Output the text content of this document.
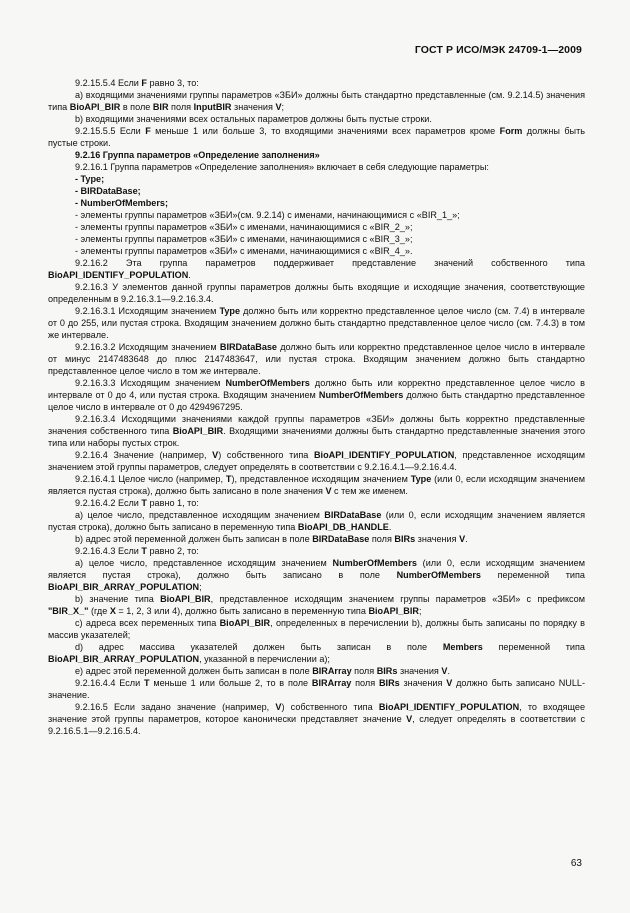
ГОСТ Р ИСО/МЭК 24709-1—2009

9.2.15.5.4 Если F равно 3, то:

a) входящими значениями группы параметров «ЗБИ» должны быть стандартно представленные (см. 9.2.14.5) значения типа BioAPI_BIR в поле BIR поля InputBIR значения V;

b) входящими значениями всех остальных параметров должны быть пустые строки.

9.2.15.5.5 Если F меньше 1 или больше 3, то входящими значениями всех параметров кроме Form должны быть пустые строки.

9.2.16 Группа параметров «Определение заполнения»

9.2.16.1 Группа параметров «Определение заполнения» включает в себя следующие параметры:

- Type;

- BIRDataBase;

- NumberOfMembers;

- элементы группы параметров «ЗБИ»(см. 9.2.14) с именами, начинающимися с «BIR_1_»;

- элементы группы параметров «ЗБИ» с именами, начинающимися с «BIR_2_»;

- элементы группы параметров «ЗБИ» с именами, начинающимися с «BIR_3_»;

- элементы группы параметров «ЗБИ» с именами, начинающимися с «BIR_4_».

9.2.16.2 Эта группа параметров поддерживает представление значений собственного типа BioAPI_IDENTIFY_POPULATION.

9.2.16.3 У элементов данной группы параметров должны быть входящие и исходящие значения, соответствующие определенным в 9.2.16.3.1—9.2.16.3.4.

9.2.16.3.1 Исходящим значением Type должно быть или корректно представленное целое число (см. 7.4) в интервале от 0 до 255, или пустая строка. Входящим значением должно быть стандартно представленное целое число (см. 7.4.3) в том же интервале.

9.2.16.3.2 Исходящим значением BIRDataBase должно быть или корректно представленное целое число в интервале от минус 2147483648 до плюс 2147483647, или пустая строка. Входящим значением должно быть стандартно представленное целое число в том же интервале.

9.2.16.3.3 Исходящим значением NumberOfMembers должно быть или корректно представленное целое число в интервале от 0 до 4, или пустая строка. Входящим значением NumberOfMembers должно быть стандартно представленное целое число в интервале от 0 до 4294967295.

9.2.16.3.4 Исходящими значениями каждой группы параметров «ЗБИ» должны быть корректно представленные значения собственного типа BioAPI_BIR. Входящими значениями должны быть стандартно представленные значения этого типа или наборы пустых строк.

9.2.16.4 Значение (например, V) собственного типа BioAPI_IDENTIFY_POPULATION, представленное исходящим значением этой группы параметров, следует определять в соответствии с 9.2.16.4.1—9.2.16.4.4.

9.2.16.4.1 Целое число (например, T), представленное исходящим значением Type (или 0, если исходящим значением является пустая строка), должно быть записано в поле значения V с тем же именем.

9.2.16.4.2 Если T равно 1, то:

a) целое число, представленное исходящим значением BIRDataBase (или 0, если исходящим значением является пустая строка), должно быть записано в переменную типа BioAPI_DB_HANDLE.

b) адрес этой переменной должен быть записан в поле BIRDataBase поля BIRs значения V.

9.2.16.4.3 Если T равно 2, то:

a) целое число, представленное исходящим значением NumberOfMembers (или 0, если исходящим значением является пустая строка), должно быть записано в поле NumberOfMembers переменной типа BioAPI_BIR_ARRAY_POPULATION;

b) значение типа BioAPI_BIR, представленное исходящим значением группы параметров «ЗБИ» с префиксом "BIR_X_" (где X = 1, 2, 3 или 4), должно быть записано в переменную типа BioAPI_BIR;

c) адреса всех переменных типа BioAPI_BIR, определенных в перечислении b), должны быть записаны по порядку в массив указателей;

d) адрес массива указателей должен быть записан в поле Members переменной типа BioAPI_BIR_ARRAY_POPULATION, указанной в перечислении a);

e) адрес этой переменной должен быть записан в поле BIRArray поля BIRs значения V.

9.2.16.4.4 Если T меньше 1 или больше 2, то в поле BIRArray поля BIRs значения V должно быть записано NULL-значение.

9.2.16.5 Если задано значение (например, V) собственного типа BioAPI_IDENTIFY_POPULATION, то входящее значение этой группы параметров, которое канонически представляет значение V, следует определять в соответствии с 9.2.16.5.1—9.2.16.5.4.

63
